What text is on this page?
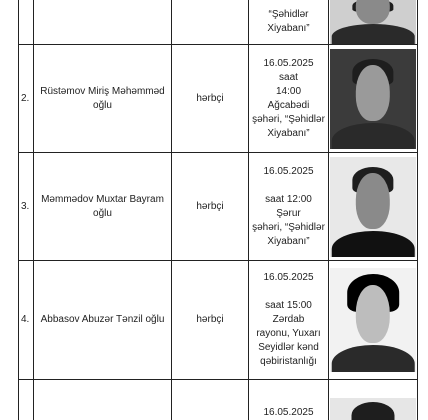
“Şəhidlər
Xiyabanı”
2.
Rüstəmov Miriş Məhəmməd oğlu
hərbçi
16.05.2025
saat
14:00
Ağcabədi
şəhəri, “Şəhidlər
Xiyabanı”
3.
Məmmədov Muxtar Bayram oğlu
hərbçi
16.05.2025
saat 12:00
Şərur
şəhəri, “Şəhidlər
Xiyabanı”
4.	Abbasov Abuzər Tənzil oğlu	hərbçi
16.05.2025
saat 15:00
Zərdab
rayonu, Yuxarı
Seyidlər kənd
qəbiristanlığı
16.05.2025
